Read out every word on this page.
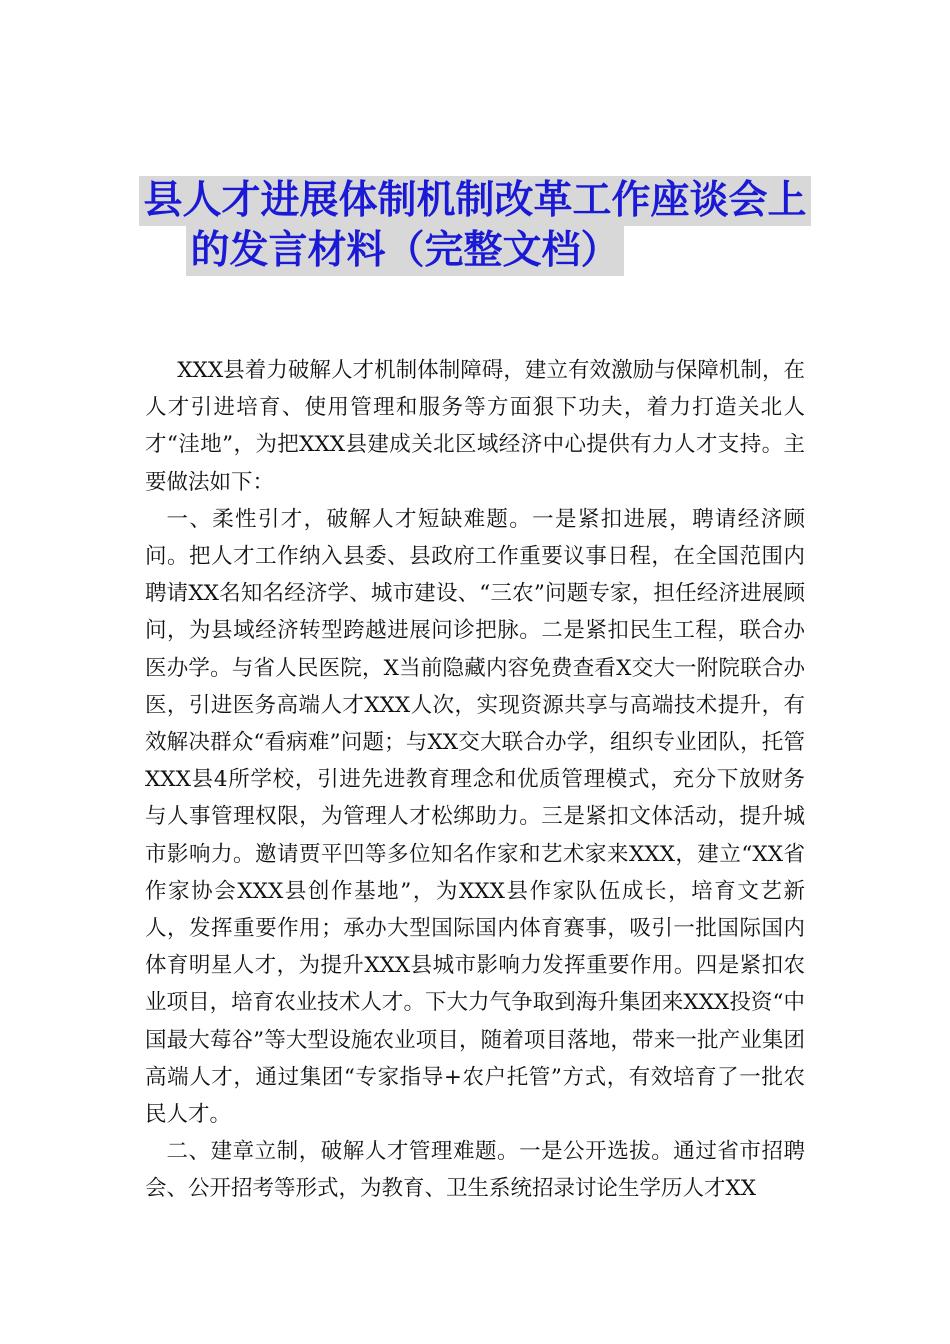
县人才进展体制机制改革工作座谈会上
的发言材料（完整文档）

XXX县着力破解人才机制体制障碍，建立有效激励与保障机制，在人才引进培育、使用管理和服务等方面狠下功夫，着力打造关北人才“洼地”，为把XXX县建成关北区域经济中心提供有力人才支持。主要做法如下：

一、柔性引才，破解人才短缺难题。一是紧扣进展，聘请经济顾问。把人才工作纳入县委、县政府工作重要议事日程，在全国范围内聘请XX名知名经济学、城市建设、“三农”问题专家，担任经济进展顾问，为县域经济转型跨越进展问诊把脉。二是紧扣民生工程，联合办医办学。与省人民医院，X当前隐藏内容免费查看X交大一附院联合办医，引进医务高端人才XXX人次，实现资源共享与高端技术提升，有效解决群众“看病难”问题；与XX交大联合办学，组织专业团队，托管XXX县4所学校，引进先进教育理念和优质管理模式，充分下放财务与人事管理权限，为管理人才松绑助力。三是紧扣文体活动，提升城市影响力。邀请贾平凹等多位知名作家和艺术家来XXX，建立“XX省作家协会XXX县创作基地”，为XXX县作家队伍成长，培育文艺新人，发挥重要作用；承办大型国际国内体育赛事，吸引一批国际国内体育明星人才，为提升XXX县城市影响力发挥重要作用。四是紧扣农业项目，培育农业技术人才。下大力气争取到海升集团来XXX投资“中国最大莓谷”等大型设施农业项目，随着项目落地，带来一批产业集团高端人才，通过集团“专家指导+农户托管”方式，有效培育了一批农民人才。

二、建章立制，破解人才管理难题。一是公开选拔。通过省市招聘会、公开招考等形式，为教育、卫生系统招录讨论生学历人才XX
